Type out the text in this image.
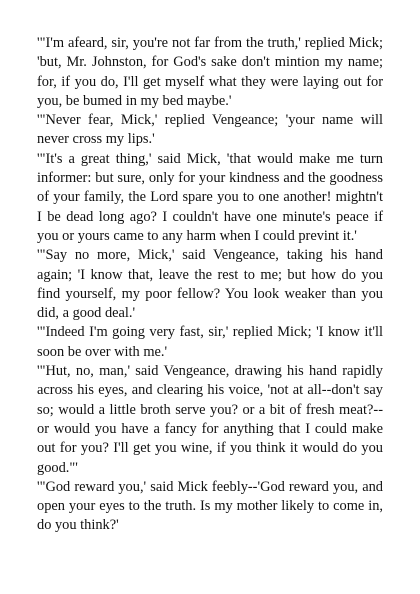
'"I'm afeard, sir, you're not far from the truth,' replied Mick; 'but, Mr. Johnston, for God's sake don't mintion my name; for, if you do, I'll get myself what they were laying out for you, be bumed in my bed maybe.'

'"Never fear, Mick,' replied Vengeance; 'your name will never cross my lips.'

'"It's a great thing,' said Mick, 'that would make me turn informer: but sure, only for your kindness and the goodness of your family, the Lord spare you to one another! mightn't I be dead long ago? I couldn't have one minute's peace if you or yours came to any harm when I could prevint it.'

'"Say no more, Mick,' said Vengeance, taking his hand again; 'I know that, leave the rest to me; but how do you find yourself, my poor fellow? You look weaker than you did, a good deal.'

'"Indeed I'm going very fast, sir,' replied Mick; 'I know it'll soon be over with me.'

'"Hut, no, man,' said Vengeance, drawing his hand rapidly across his eyes, and clearing his voice, 'not at all--don't say so; would a little broth serve you? or a bit of fresh meat?--or would you have a fancy for anything that I could make out for you? I'll get you wine, if you think it would do you good."'

'"God reward you,' said Mick feebly--'God reward you, and open your eyes to the truth. Is my mother likely to come in, do you think?'
